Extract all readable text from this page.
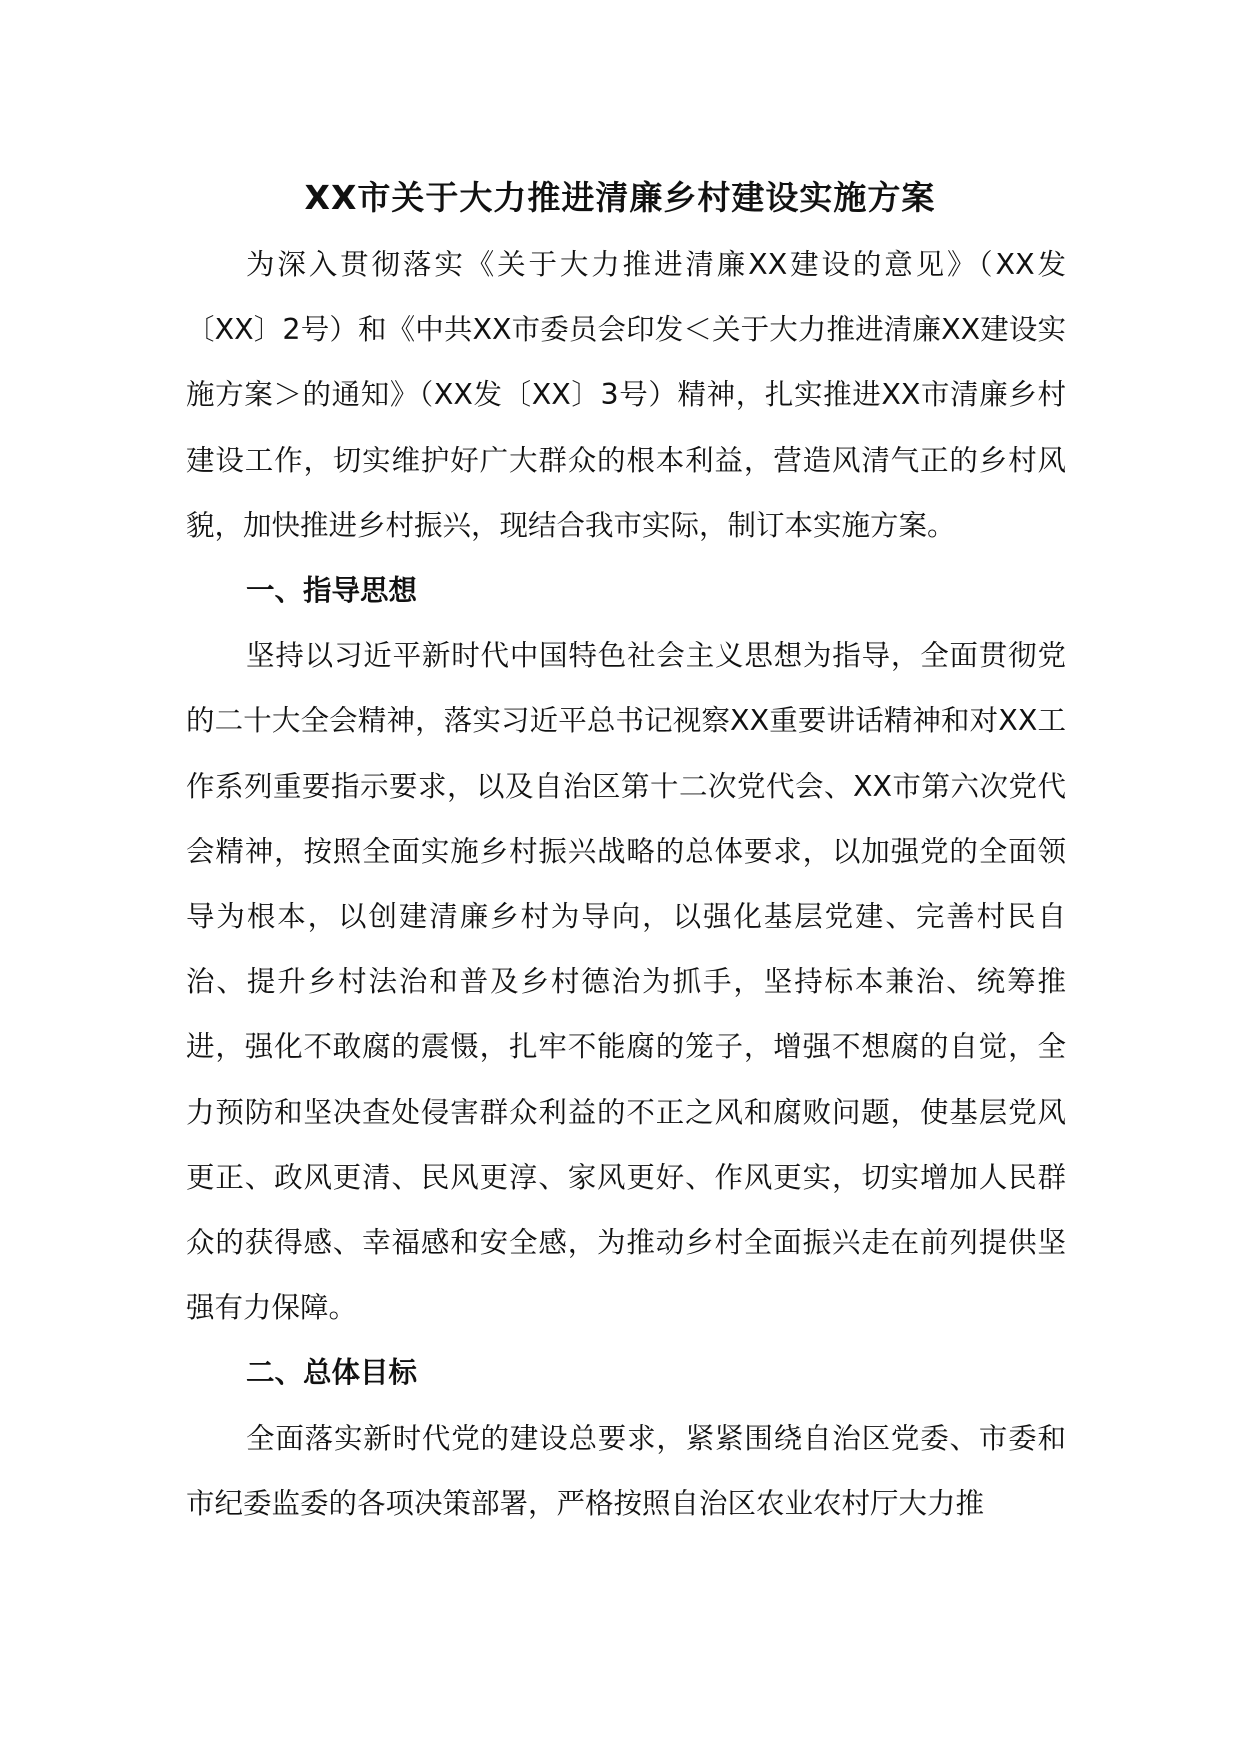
XX市关于大力推进清廉乡村建设实施方案

为深入贯彻落实《关于大力推进清廉XX建设的意见》（XX发〔XX〕2号）和《中共XX市委员会印发＜关于大力推进清廉XX建设实施方案＞的通知》（XX发〔XX〕3号）精神，扎实推进XX市清廉乡村建设工作，切实维护好广大群众的根本利益，营造风清气正的乡村风貌，加快推进乡村振兴，现结合我市实际，制订本实施方案。

一、指导思想

坚持以习近平新时代中国特色社会主义思想为指导，全面贯彻党的二十大全会精神，落实习近平总书记视察XX重要讲话精神和对XX工作系列重要指示要求，以及自治区第十二次党代会、XX市第六次党代会精神，按照全面实施乡村振兴战略的总体要求，以加强党的全面领导为根本，以创建清廉乡村为导向，以强化基层党建、完善村民自治、提升乡村法治和普及乡村德治为抓手，坚持标本兼治、统筹推进，强化不敢腐的震慑，扎牢不能腐的笼子，增强不想腐的自觉，全力预防和坚决查处侵害群众利益的不正之风和腐败问题，使基层党风更正、政风更清、民风更淳、家风更好、作风更实，切实增加人民群众的获得感、幸福感和安全感，为推动乡村全面振兴走在前列提供坚强有力保障。

二、总体目标

全面落实新时代党的建设总要求，紧紧围绕自治区党委、市委和市纪委监委的各项决策部署，严格按照自治区农业农村厅大力推
